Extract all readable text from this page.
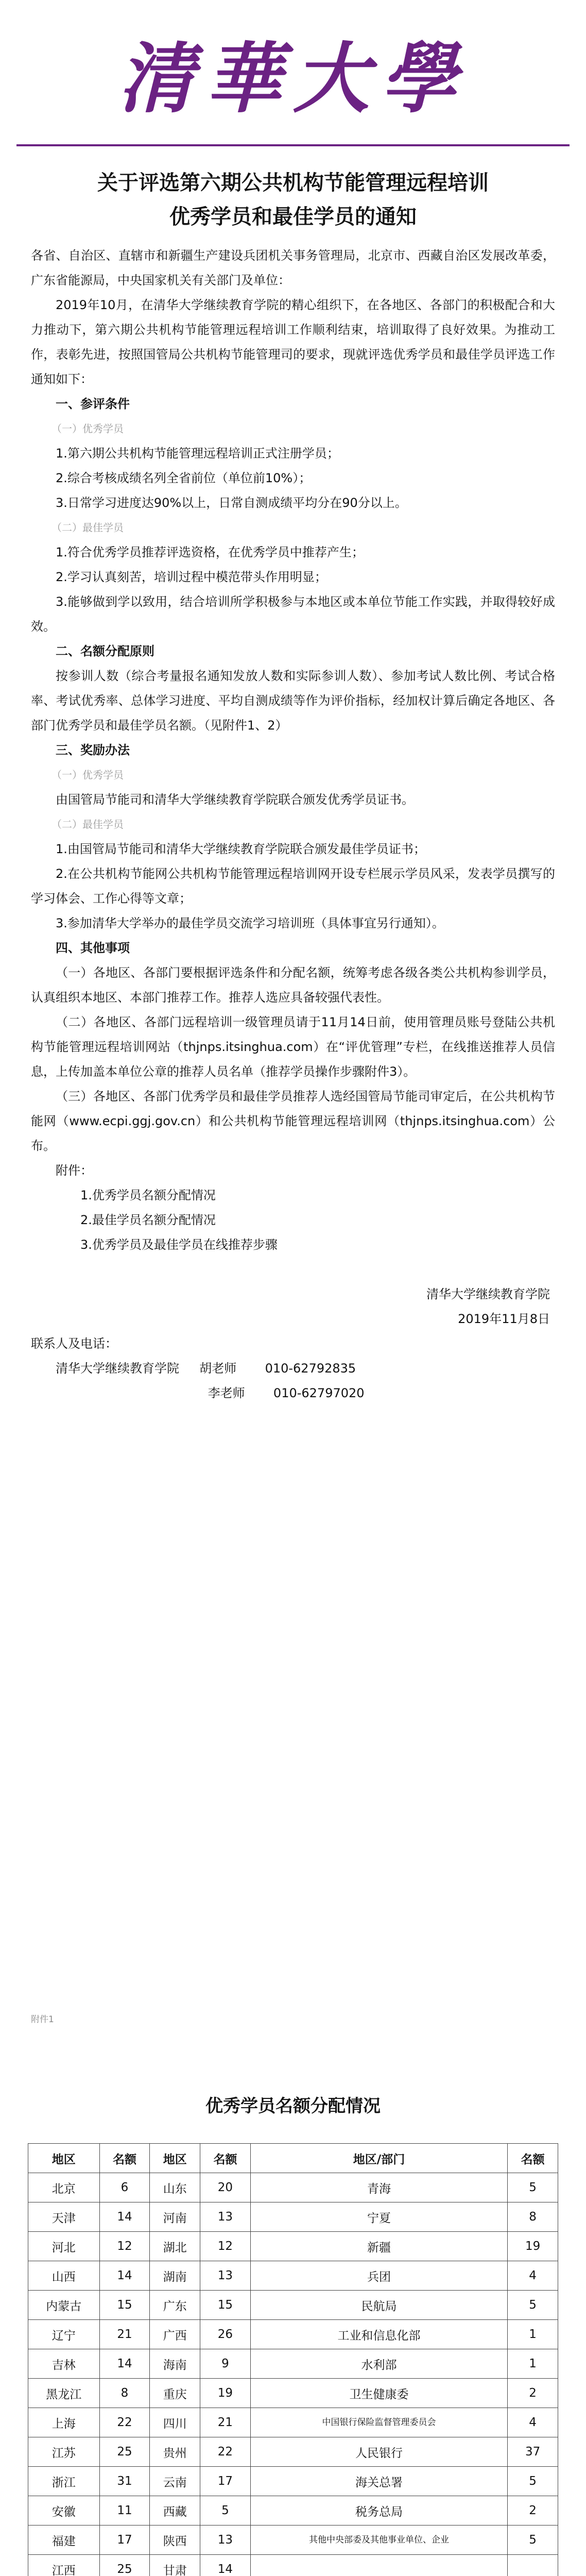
清華大學
关于评选第六期公共机构节能管理远程培训
优秀学员和最佳学员的通知

各省、自治区、直辖市和新疆生产建设兵团机关事务管理局，北京市、西藏自治区发展改革委，广东省能源局，中央国家机关有关部门及单位：

2019年10月，在清华大学继续教育学院的精心组织下，在各地区、各部门的积极配合和大力推动下，第六期公共机构节能管理远程培训工作顺利结束，培训取得了良好效果。为推动工作，表彰先进，按照国管局公共机构节能管理司的要求，现就评选优秀学员和最佳学员评选工作通知如下：

一、参评条件

（一）优秀学员

1.第六期公共机构节能管理远程培训正式注册学员；

2.综合考核成绩名列全省前位（单位前10%）；

3.日常学习进度达90%以上，日常自测成绩平均分在90分以上。

（二）最佳学员

1.符合优秀学员推荐评选资格，在优秀学员中推荐产生；

2.学习认真刻苦，培训过程中模范带头作用明显；

3.能够做到学以致用，结合培训所学积极参与本地区或本单位节能工作实践，并取得较好成效。

二、名额分配原则

按参训人数（综合考量报名通知发放人数和实际参训人数）、参加考试人数比例、考试合格率、考试优秀率、总体学习进度、平均自测成绩等作为评价指标，经加权计算后确定各地区、各部门优秀学员和最佳学员名额。（见附件1、2）

三、奖励办法

（一）优秀学员

由国管局节能司和清华大学继续教育学院联合颁发优秀学员证书。

（二）最佳学员

1.由国管局节能司和清华大学继续教育学院联合颁发最佳学员证书；

2.在公共机构节能网公共机构节能管理远程培训网开设专栏展示学员风采，发表学员撰写的学习体会、工作心得等文章；

3.参加清华大学举办的最佳学员交流学习培训班（具体事宜另行通知）。

四、其他事项

（一）各地区、各部门要根据评选条件和分配名额，统筹考虑各级各类公共机构参训学员，认真组织本地区、本部门推荐工作。推荐人选应具备较强代表性。

（二）各地区、各部门远程培训一级管理员请于11月14日前，使用管理员账号登陆公共机构节能管理远程培训网站（thjnps.itsinghua.com）在“评优管理”专栏，在线推送推荐人员信息，上传加盖本单位公章的推荐人员名单（推荐学员操作步骤附件3）。

（三）各地区、各部门优秀学员和最佳学员推荐人选经国管局节能司审定后，在公共机构节能网（www.ecpi.ggj.gov.cn）和公共机构节能管理远程培训网（thjnps.itsinghua.com）公布。

附件：

1.优秀学员名额分配情况

2.最佳学员名额分配情况

3.优秀学员及最佳学员在线推荐步骤

清华大学继续教育学院

2019年11月8日

联系人及电话：

清华大学继续教育学院 胡老师 010-62792835

李老师 010-62797020

附件1
优秀学员名额分配情况
地区	名额	地区	名额	地区/部门	名额
北京	6	山东	20	青海	5
天津	14	河南	13	宁夏	8
河北	12	湖北	12	新疆	19
山西	14	湖南	13	兵团	4
内蒙古	15	广东	15	民航局	5
辽宁	21	广西	26	工业和信息化部	1
吉林	14	海南	9	水利部	1
黑龙江	8	重庆	19	卫生健康委	2
上海	22	四川	21	中国银行保险监督管理委员会	4
江苏	25	贵州	22	人民银行	37
浙江	31	云南	17	海关总署	5
安徽	11	西藏	5	税务总局	2
福建	17	陕西	13	其他中央部委及其他事业单位、企业	5
江西	25	甘肃	14		
